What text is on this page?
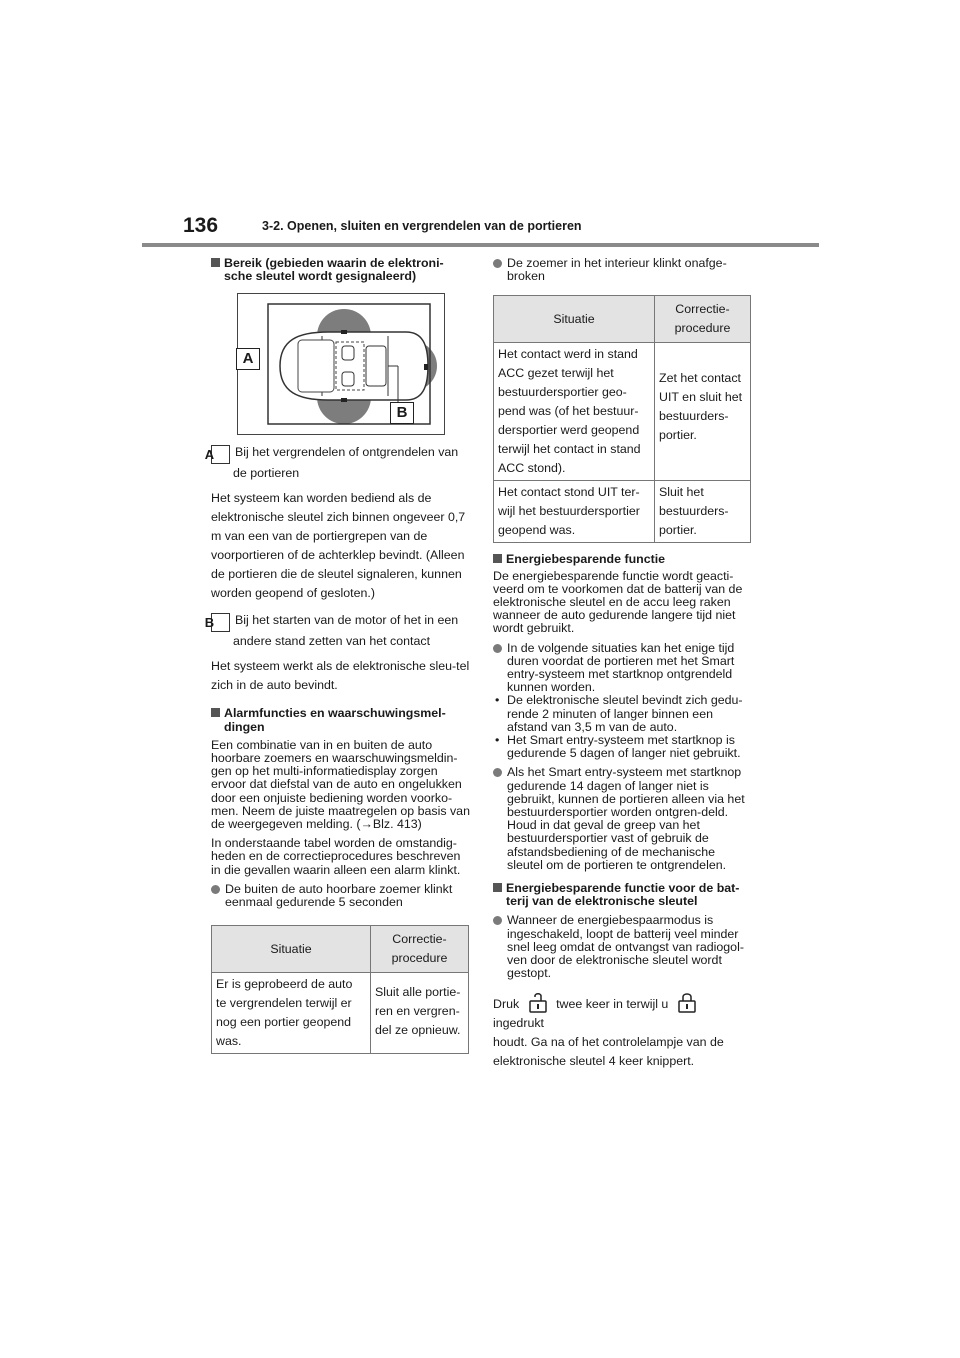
136	3-2. Openen, sluiten en vergrendelen van de portieren

Bereik (gebieden waarin de elektroni-sche sleutel wordt gesignaleerd)

A
B

A Bij het vergrendelen of ontgrendelen van de portieren

Het systeem kan worden bediend als de elektronische sleutel zich binnen ongeveer 0,7 m van een van de portiergrepen van de voorportieren of de achterklep bevindt. (Alleen de portieren die de sleutel signaleren, kunnen worden geopend of gesloten.)

B Bij het starten van de motor of het in een andere stand zetten van het contact

Het systeem werkt als de elektronische sleu-tel zich in de auto bevindt.

Alarmfuncties en waarschuwingsmel-dingen

Een combinatie van in en buiten de auto hoorbare zoemers en waarschuwingsmeldin-gen op het multi-informatiedisplay zorgen ervoor dat diefstal van de auto en ongelukken door een onjuiste bediening worden voorko-men. Neem de juiste maatregelen op basis van de weergegeven melding. (→Blz. 413)

In onderstaande tabel worden de omstandig-heden en de correctieprocedures beschreven in die gevallen waarin alleen een alarm klinkt.

De buiten de auto hoorbare zoemer klinkt eenmaal gedurende 5 seconden

Situatie	Correctie-procedure
Er is geprobeerd de auto te vergrendelen terwijl er nog een portier geopend was.	Sluit alle portie-ren en vergren-del ze opnieuw.

De zoemer in het interieur klinkt onafge-broken

Situatie	Correctie-procedure
Het contact werd in stand ACC gezet terwijl het bestuurdersportier geo-pend was (of het bestuur-dersportier werd geopend terwijl het contact in stand ACC stond).	Zet het contact UIT en sluit het bestuurders-portier.
Het contact stond UIT ter-wijl het bestuurdersportier geopend was.	Sluit het bestuurders-portier.

Energiebesparende functie

De energiebesparende functie wordt geacti-veerd om te voorkomen dat de batterij van de elektronische sleutel en de accu leeg raken wanneer de auto gedurende langere tijd niet wordt gebruikt.

In de volgende situaties kan het enige tijd duren voordat de portieren met het Smart entry-systeem met startknop ontgrendeld kunnen worden.

• De elektronische sleutel bevindt zich gedu-rende 2 minuten of langer binnen een afstand van 3,5 m van de auto.

• Het Smart entry-systeem met startknop is gedurende 5 dagen of langer niet gebruikt.

Als het Smart entry-systeem met startknop gedurende 14 dagen of langer niet is gebruikt, kunnen de portieren alleen via het bestuurdersportier worden ontgren-deld. Houd in dat geval de greep van het bestuurdersportier vast of gebruik de afstandsbediening of de mechanische sleutel om de portieren te ontgrendelen.

Energiebesparende functie voor de bat-terij van de elektronische sleutel

Wanneer de energiebespaarmodus is ingeschakeld, loopt de batterij veel minder snel leeg omdat de ontvangst van radiogol-ven door de elektronische sleutel wordt gestopt.

Druk	twee keer in terwijl u  ingedrukt

houdt. Ga na of het controlelampje van de elektronische sleutel 4 keer knippert.
